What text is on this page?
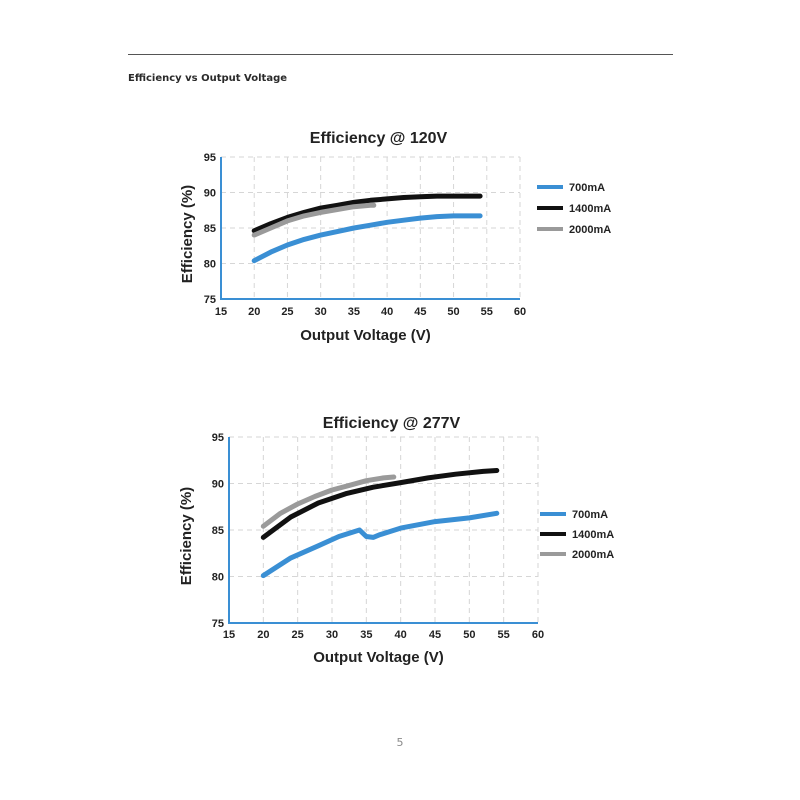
Efficiency vs Output Voltage
15 20 25 30 35 40 45 50 55 60
75
80
85
90
95
Efficiency @ 120V
Output Voltage (V)
Efficiency (%)	700mA
1400mA
2000mA
15 20 25 30 35 40 45 50 55 60
75
80
85
90
95
Efficiency @ 277V
Output Voltage (V)
Efficiency (%)	700mA
1400mA
2000mA
5
